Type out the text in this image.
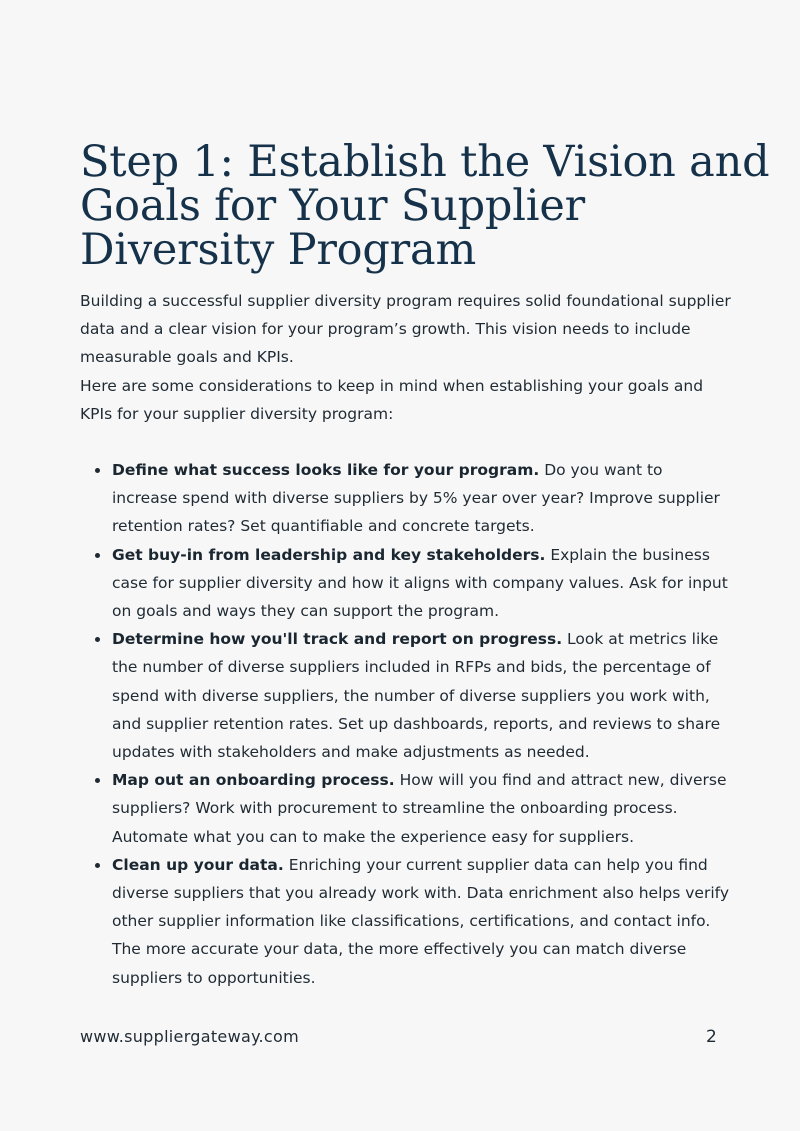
Step 1: Establish the Vision and Goals for Your Supplier Diversity Program

Building a successful supplier diversity program requires solid foundational supplier data and a clear vision for your program’s growth. This vision needs to include measurable goals and KPIs.

Here are some considerations to keep in mind when establishing your goals and KPIs for your supplier diversity program:

Define what success looks like for your program. Do you want to increase spend with diverse suppliers by 5% year over year? Improve supplier retention rates? Set quantifiable and concrete targets.
Get buy-in from leadership and key stakeholders. Explain the business case for supplier diversity and how it aligns with company values. Ask for input on goals and ways they can support the program.
Determine how you'll track and report on progress. Look at metrics like the number of diverse suppliers included in RFPs and bids, the percentage of spend with diverse suppliers, the number of diverse suppliers you work with, and supplier retention rates. Set up dashboards, reports, and reviews to share updates with stakeholders and make adjustments as needed.
Map out an onboarding process. How will you find and attract new, diverse suppliers? Work with procurement to streamline the onboarding process. Automate what you can to make the experience easy for suppliers.
Clean up your data. Enriching your current supplier data can help you find diverse suppliers that you already work with. Data enrichment also helps verify other supplier information like classifications, certifications, and contact info. The more accurate your data, the more effectively you can match diverse suppliers to opportunities.
www.suppliergateway.com	2
